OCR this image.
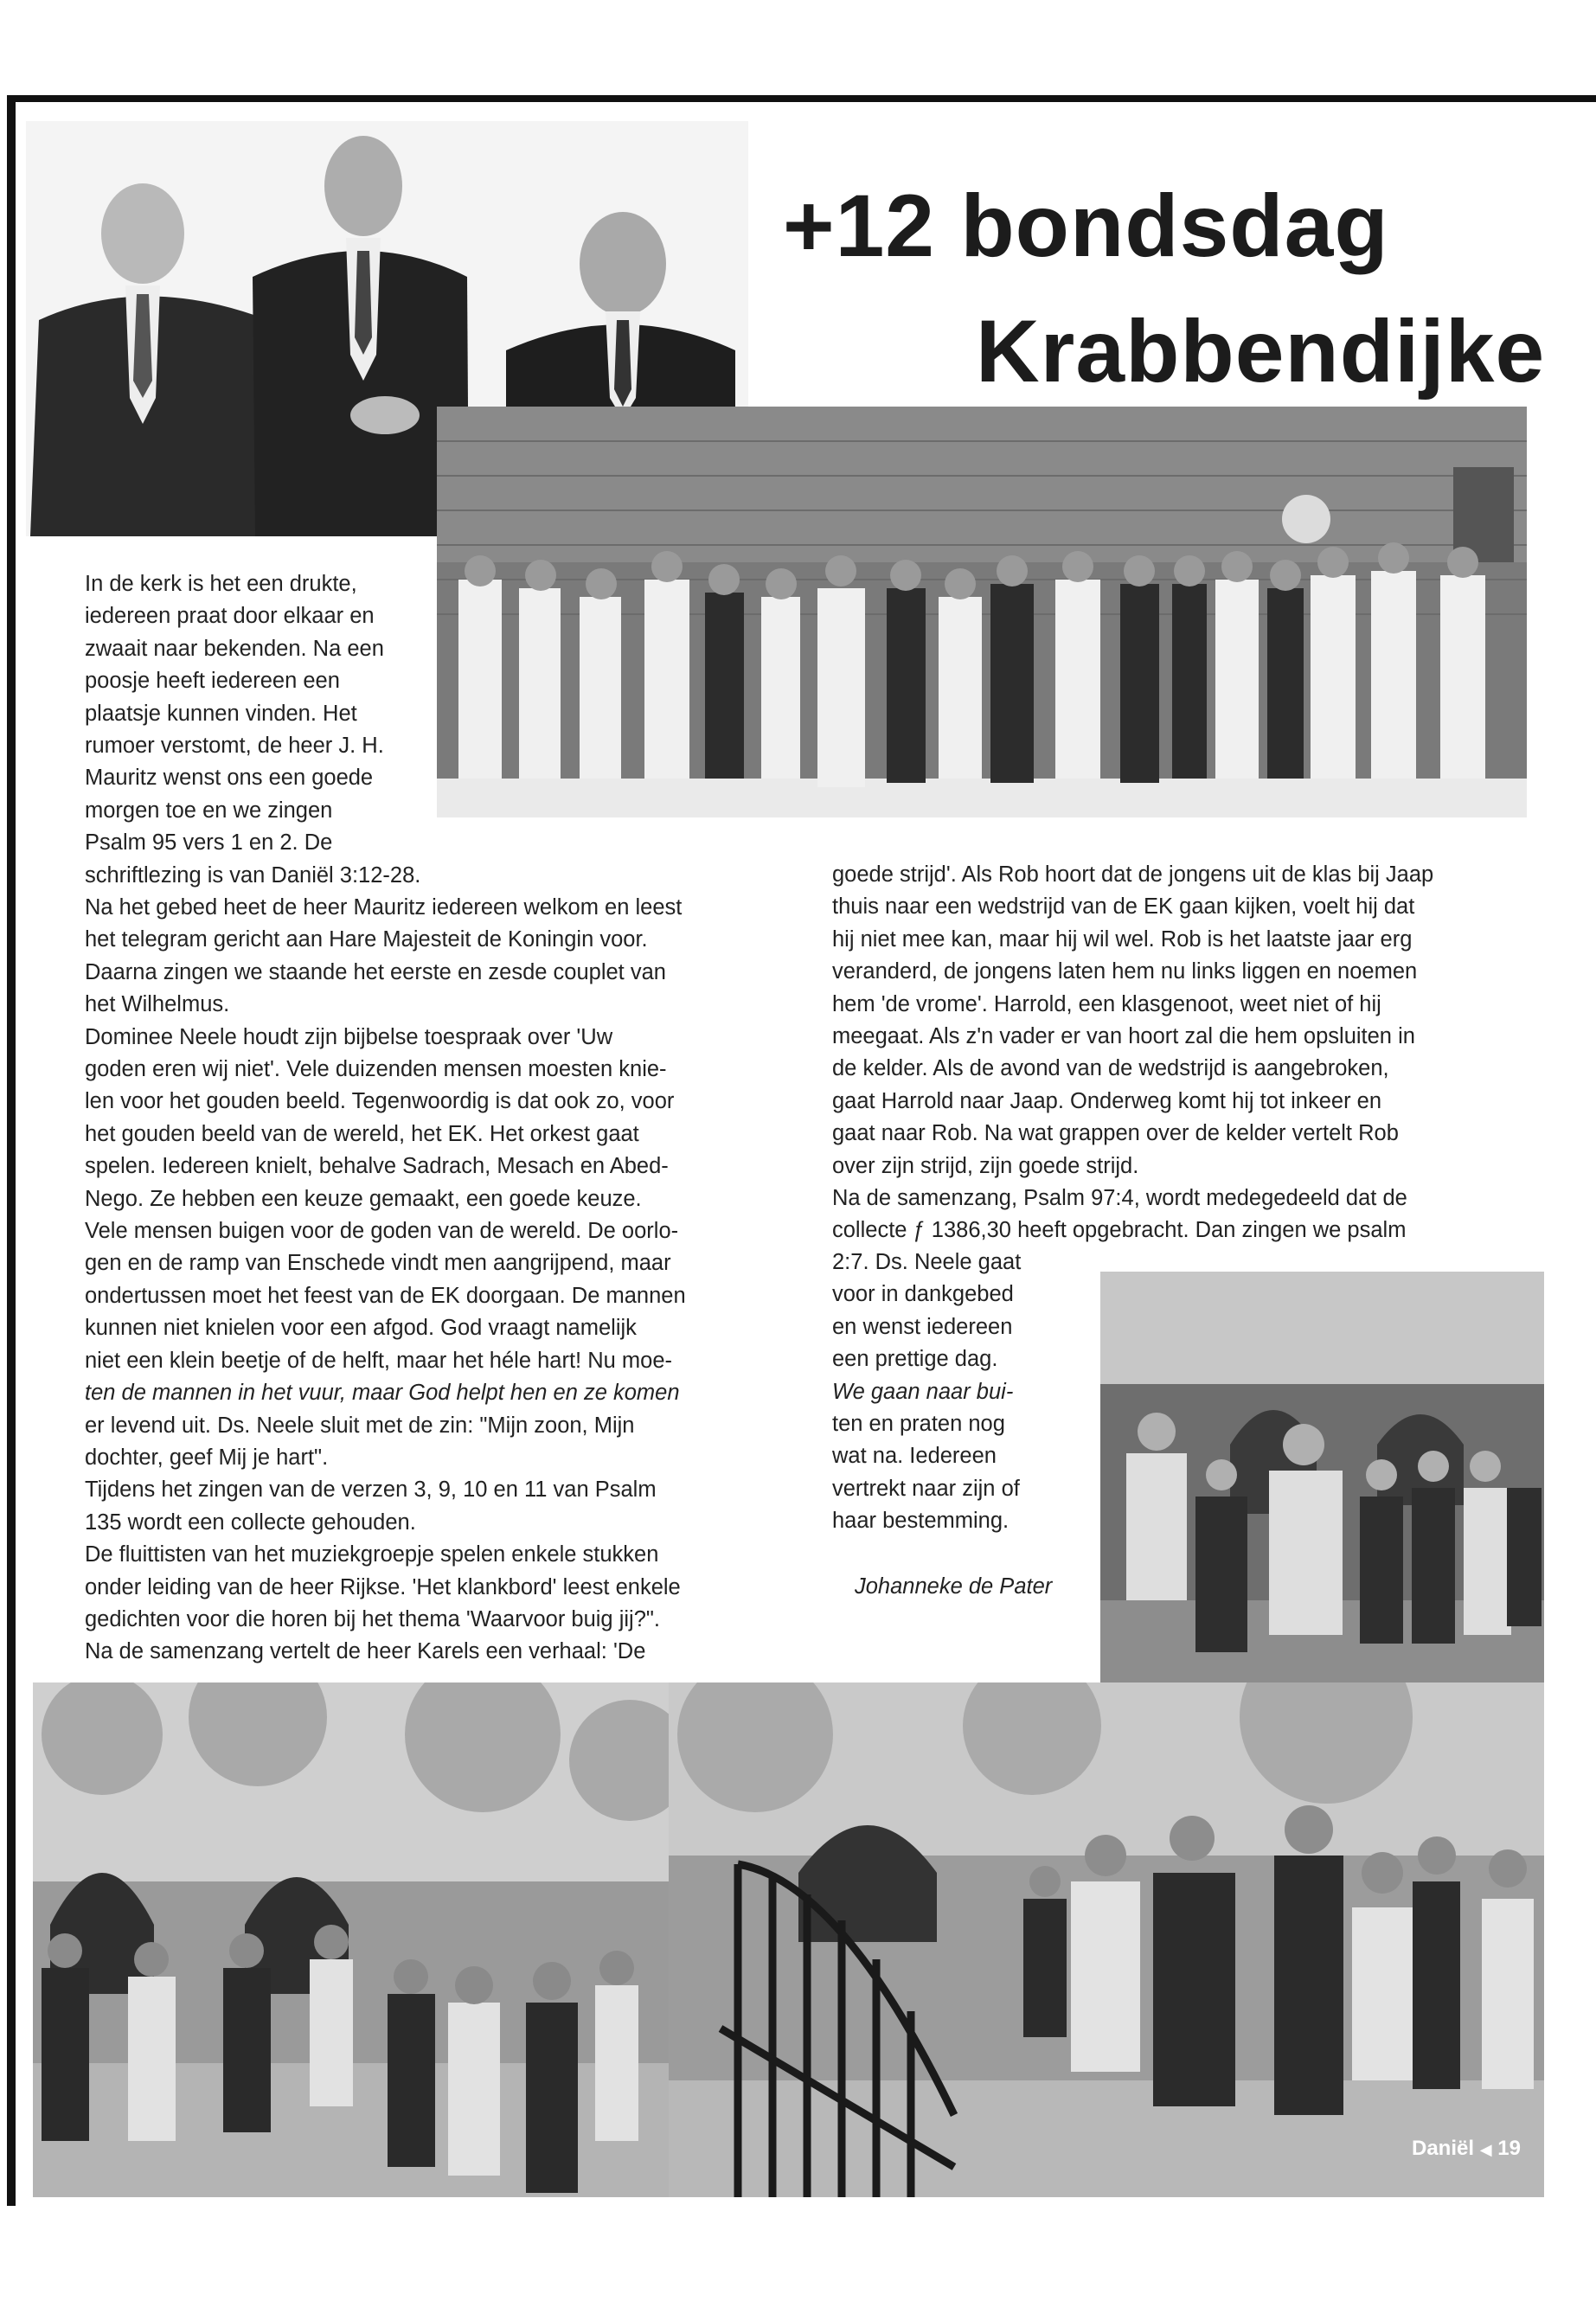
+12 bondsdag
Krabbendijke

In de kerk is het een drukte,

iedereen praat door elkaar en

zwaait naar bekenden. Na een

poosje heeft iedereen een

plaatsje kunnen vinden. Het

rumoer verstomt, de heer J. H.

Mauritz wenst ons een goede

morgen toe en we zingen

Psalm 95 vers 1 en 2. De

schriftlezing is van Daniël 3:12-28.

Na het gebed heet de heer Mauritz iedereen welkom en leest

het telegram gericht aan Hare Majesteit de Koningin voor.

Daarna zingen we staande het eerste en zesde couplet van

het Wilhelmus.

Dominee Neele houdt zijn bijbelse toespraak over 'Uw

goden eren wij niet'. Vele duizenden mensen moesten knie-

len voor het gouden beeld. Tegenwoordig is dat ook zo, voor

het gouden beeld van de wereld, het EK. Het orkest gaat

spelen. Iedereen knielt, behalve Sadrach, Mesach en Abed-

Nego. Ze hebben een keuze gemaakt, een goede keuze.

Vele mensen buigen voor de goden van de wereld. De oorlo-

gen en de ramp van Enschede vindt men aangrijpend, maar

ondertussen moet het feest van de EK doorgaan. De mannen

kunnen niet knielen voor een afgod. God vraagt namelijk

niet een klein beetje of de helft, maar het héle hart! Nu moe-

ten de mannen in het vuur, maar God helpt hen en ze komen

er levend uit. Ds. Neele sluit met de zin: "Mijn zoon, Mijn

dochter, geef Mij je hart".

Tijdens het zingen van de verzen 3, 9, 10 en 11 van Psalm

135 wordt een collecte gehouden.

De fluittisten van het muziekgroepje spelen enkele stukken

onder leiding van de heer Rijkse. 'Het klankbord' leest enkele

gedichten voor die horen bij het thema 'Waarvoor buig jij?".

Na de samenzang vertelt de heer Karels een verhaal: 'De

goede strijd'. Als Rob hoort dat de jongens uit de klas bij Jaap

thuis naar een wedstrijd van de EK gaan kijken, voelt hij dat

hij niet mee kan, maar hij wil wel. Rob is het laatste jaar erg

veranderd, de jongens laten hem nu links liggen en noemen

hem 'de vrome'. Harrold, een klasgenoot, weet niet of hij

meegaat. Als z'n vader er van hoort zal die hem opsluiten in

de kelder. Als de avond van de wedstrijd is aangebroken,

gaat Harrold naar Jaap. Onderweg komt hij tot inkeer en

gaat naar Rob. Na wat grappen over de kelder vertelt Rob

over zijn strijd, zijn goede strijd.

Na de samenzang, Psalm 97:4, wordt medegedeeld dat de

collecte ƒ 1386,30 heeft opgebracht. Dan zingen we psalm

2:7. Ds. Neele gaat

voor in dankgebed

en wenst iedereen

een prettige dag.

We gaan naar bui-

ten en praten nog

wat na. Iedereen

vertrekt naar zijn of

haar bestemming.

Johanneke de Pater
Daniël ◀ 19
